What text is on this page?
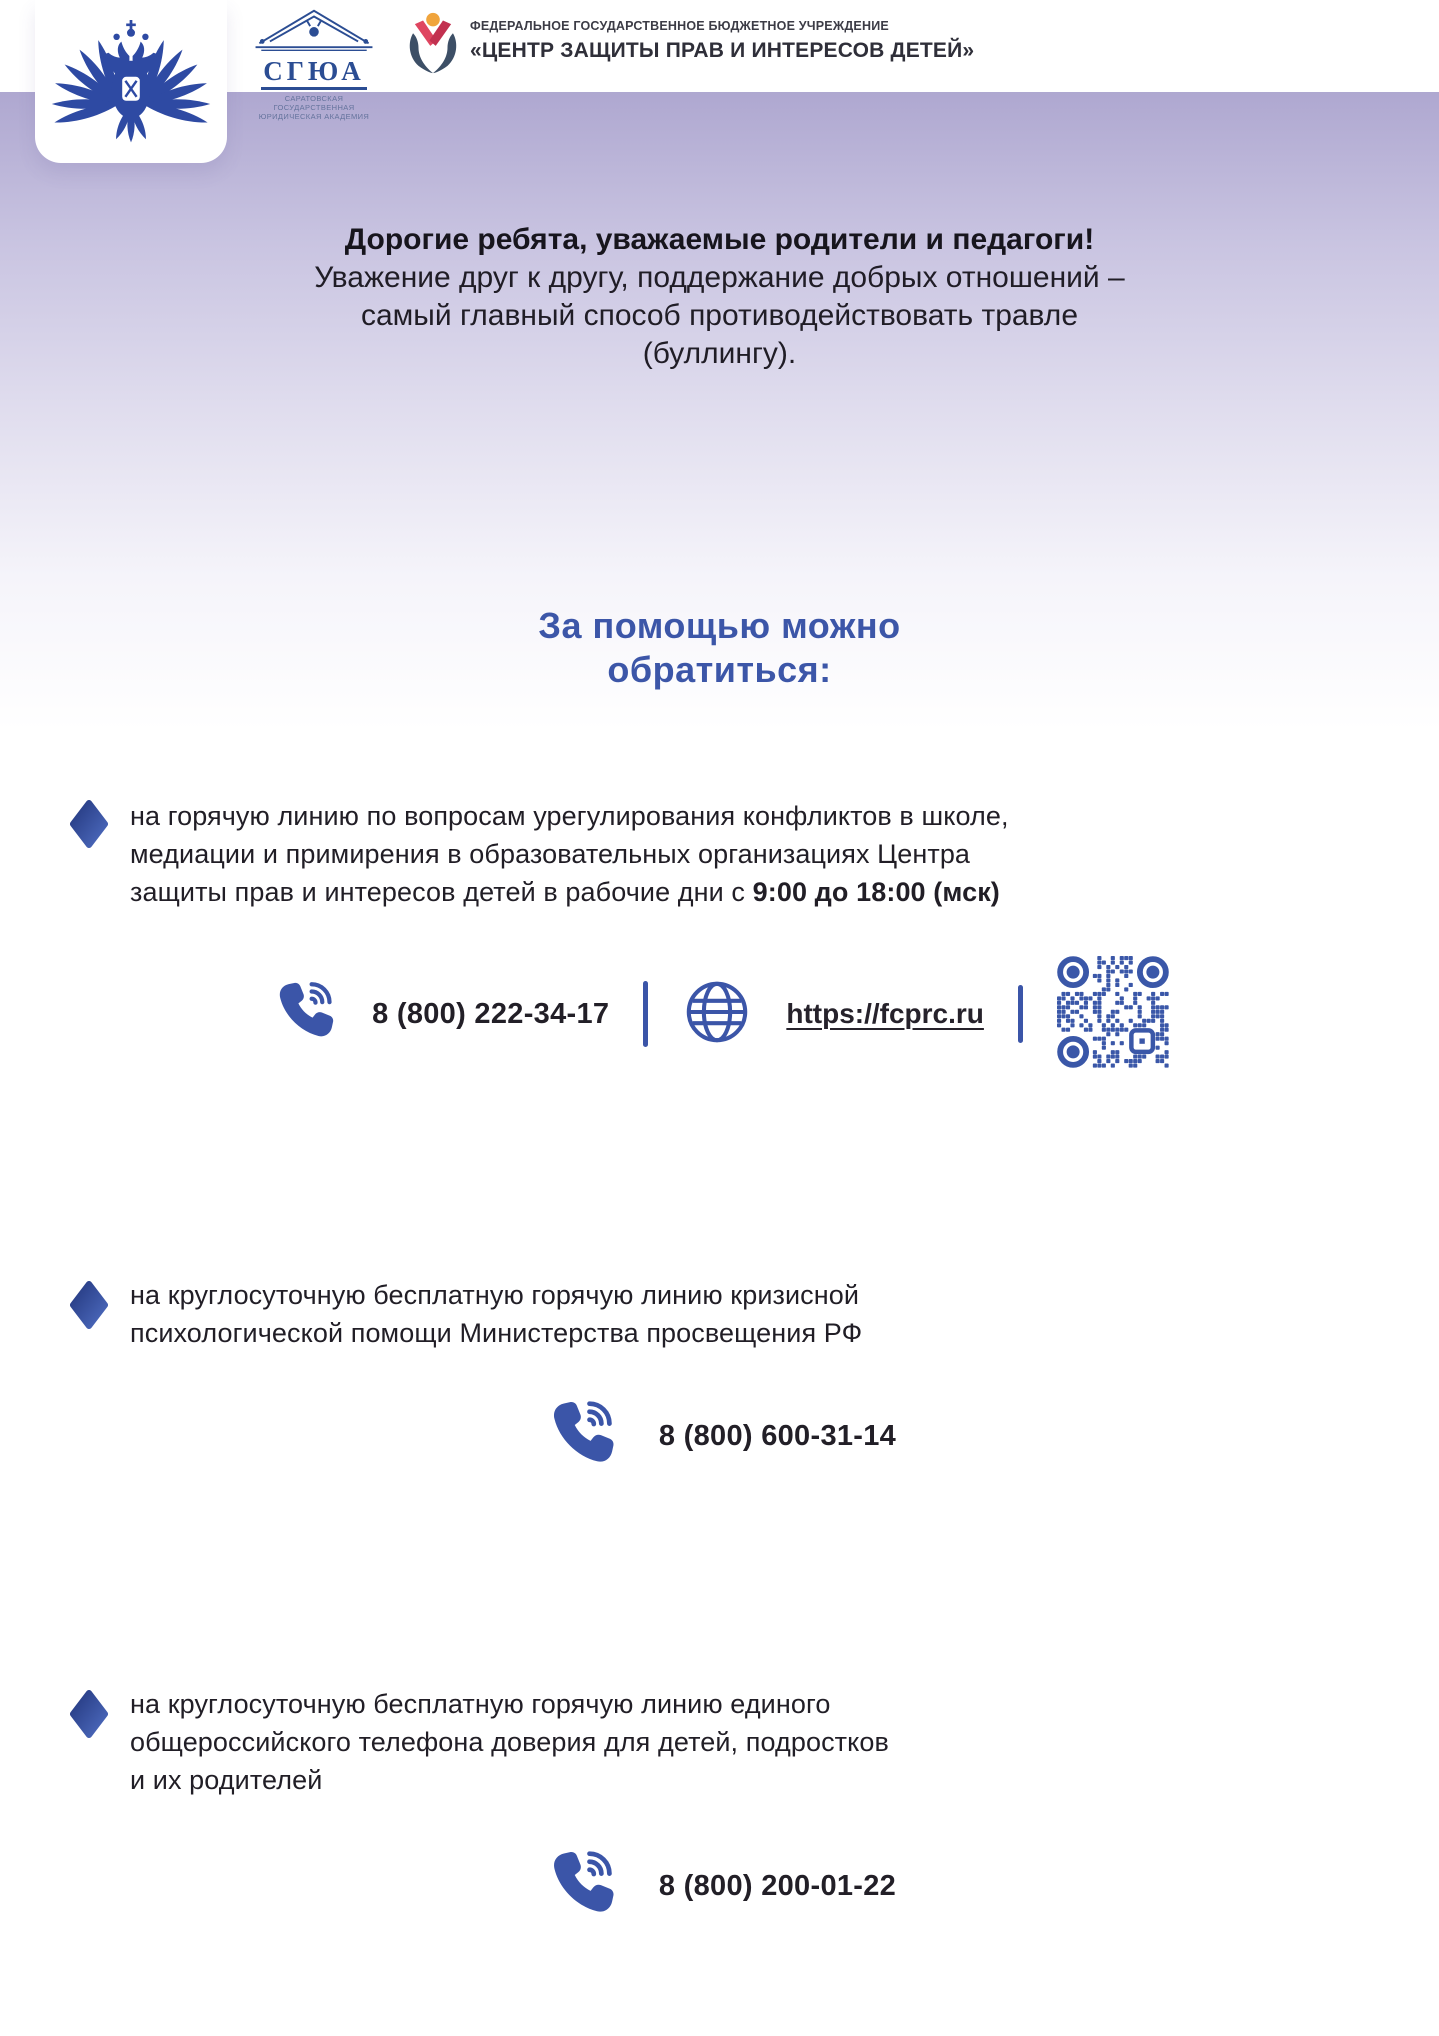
СГЮА
САРАТОВСКАЯ ГОСУДАРСТВЕННАЯ
ЮРИДИЧЕСКАЯ АКАДЕМИЯ
ФЕДЕРАЛЬНОЕ ГОСУДАРСТВЕННОЕ БЮДЖЕТНОЕ УЧРЕЖДЕНИЕ
«ЦЕНТР ЗАЩИТЫ ПРАВ И ИНТЕРЕСОВ ДЕТЕЙ»
Дорогие ребята, уважаемые родители и педагоги!
Уважение друг к другу, поддержание добрых отношений –
самый главный способ противодействовать травле
(буллингу).
За помощью можно
обратиться:
на горячую линию по вопросам урегулирования конфликтов в школе,
медиации и примирения в образовательных организациях Центра
защиты прав и интересов детей в рабочие дни с 9:00 до 18:00 (мск)
8 (800) 222-34-17	https://fcprc.ru
на круглосуточную бесплатную горячую линию кризисной
психологической помощи Министерства просвещения РФ
8 (800) 600-31-14
на круглосуточную бесплатную горячую линию единого
общероссийского телефона доверия для детей, подростков
и их родителей
8 (800) 200-01-22
